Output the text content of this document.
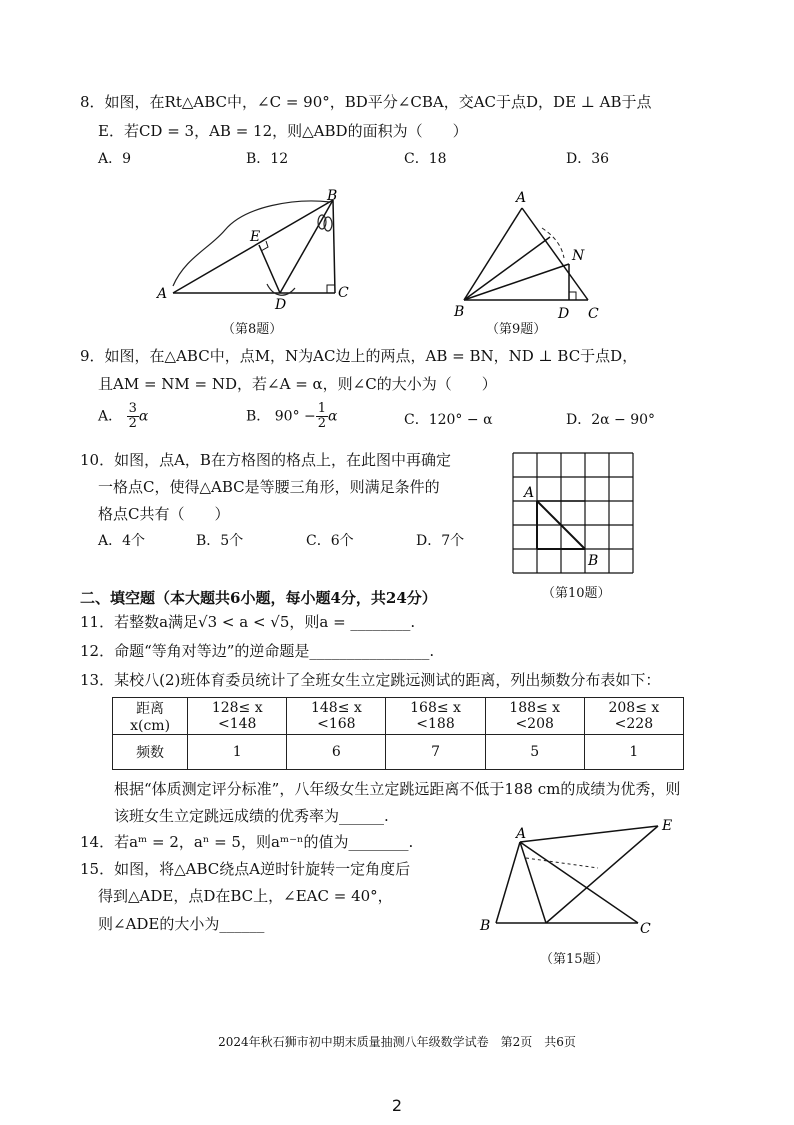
8．如图，在Rt△ABC中，∠C = 90°，BD平分∠CBA，交AC于点D，DE ⊥ AB于点
E．若CD = 3，AB = 12，则△ABD的面积为（　　）
A．9	B．12	C．18	D．36
A
B
C
D
E
（第8题）
A
B	C
D
N
（第9题）
9．如图，在△ABC中，点M，N为AC边上的两点，AB = BN，ND ⊥ BC于点D，
且AM = NM = ND，若∠A = α，则∠C的大小为（　　）
A． $\frac{3}{2}$ α	B． $90^\circ - \frac{1}{2}$ α	C．120° − α	D．2α − 90°
10．如图，点A，B在方格图的格点上，在此图中再确定
一格点C，使得△ABC是等腰三角形，则满足条件的
格点C共有（　　）
A．4个	B．5个	C．6个	D．7个
A
B
（第10题）
二、填空题（本大题共6小题，每小题4分，共24分）
11．若整数a满足√3 < a < √5，则a = ________.
12．命题“等角对等边”的逆命题是________________.
13．某校八(2)班体育委员统计了全班女生立定跳远测试的距离，列出频数分布表如下：
距离x(cm)	128≤ x <148	148≤ x <168	168≤ x <188	188≤ x <208	208≤ x <228
频数	1	6	7	5	1
根据“体质测定评分标准”，八年级女生立定跳远距离不低于188 cm的成绩为优秀，则
该班女生立定跳远成绩的优秀率为______.
14．若aᵐ = 2，aⁿ = 5，则aᵐ⁻ⁿ的值为________.
15．如图，将△ABC绕点A逆时针旋转一定角度后
得到△ADE，点D在BC上，∠EAC = 40°，
则∠ADE的大小为______
A
B	C
E
（第15题）
2024年秋石狮市初中期末质量抽测八年级数学试卷　第2页　共6页
2
